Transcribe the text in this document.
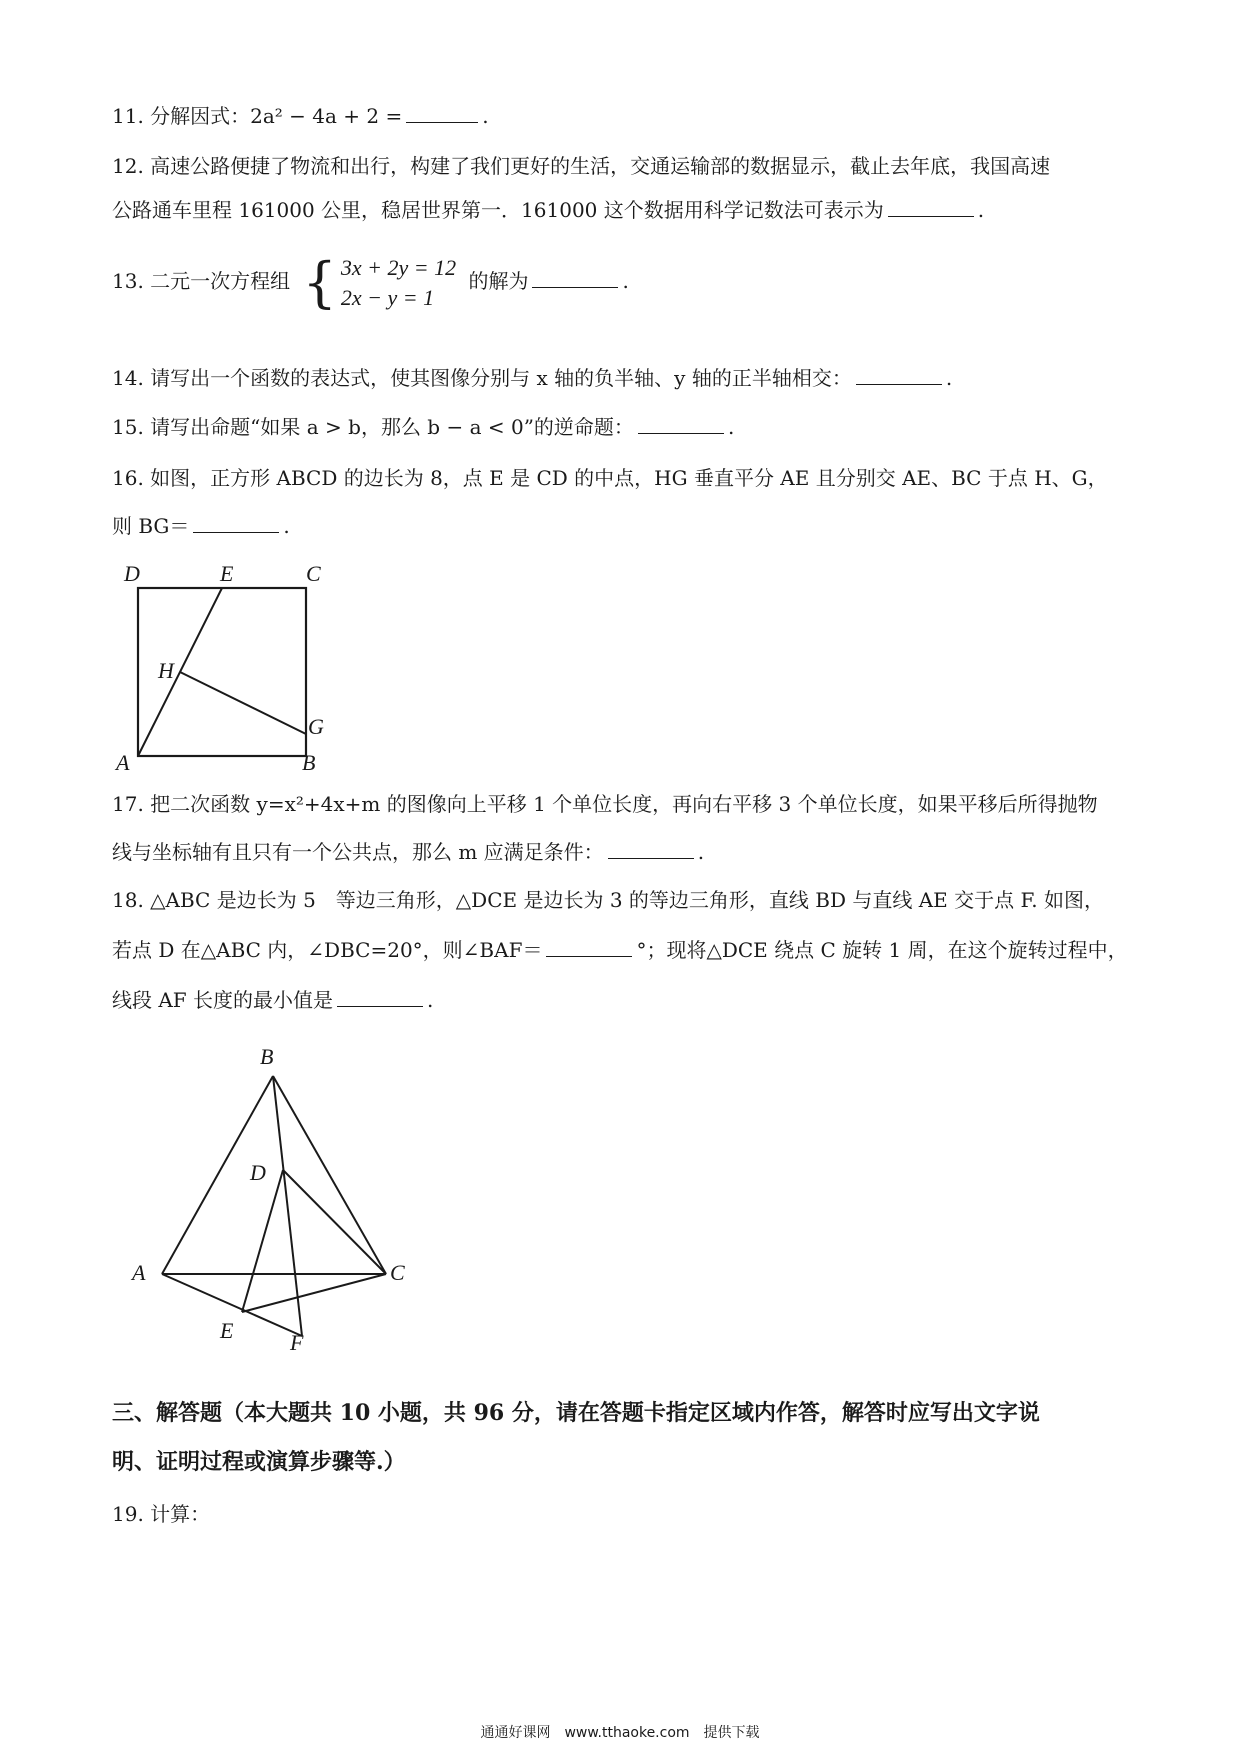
11. 分解因式：2a² − 4a + 2 =	.
12. 高速公路便捷了物流和出行，构建了我们更好的生活，交通运输部的数据显示，截止去年底，我国高速
公路通车里程 161000 公里，稳居世界第一．161000 这个数据用科学记数法可表示为	.
13. 二元一次方程组 { 3x + 2y = 12
2x − y = 1
的解为	.
14. 请写出一个函数的表达式，使其图像分别与 x 轴的负半轴、y 轴的正半轴相交：	.
15. 请写出命题“如果 a > b，那么 b − a < 0”的逆命题：	.
16. 如图，正方形 ABCD 的边长为 8，点 E 是 CD 的中点，HG 垂直平分 AE 且分别交 AE、BC 于点 H、G，
则 BG＝	.
D	E	C
H
G
A	B
17. 把二次函数 y=x²+4x+m 的图像向上平移 1 个单位长度，再向右平移 3 个单位长度，如果平移后所得抛物
线与坐标轴有且只有一个公共点，那么 m 应满足条件：	.
18. △ABC 是边长为 5　等边三角形，△DCE 是边长为 3 的等边三角形，直线 BD 与直线 AE 交于点 F. 如图，
若点 D 在△ABC 内，∠DBC=20°，则∠BAF＝	°；现将△DCE 绕点 C 旋转 1 周，在这个旋转过程中，
线段 AF 长度的最小值是	.
B
D
A	C
E	F
三、解答题（本大题共 10 小题，共 96 分，请在答题卡指定区域内作答，解答时应写出文字说
明、证明过程或演算步骤等.）
19. 计算：
通通好课网　www.tthaoke.com　提供下载
